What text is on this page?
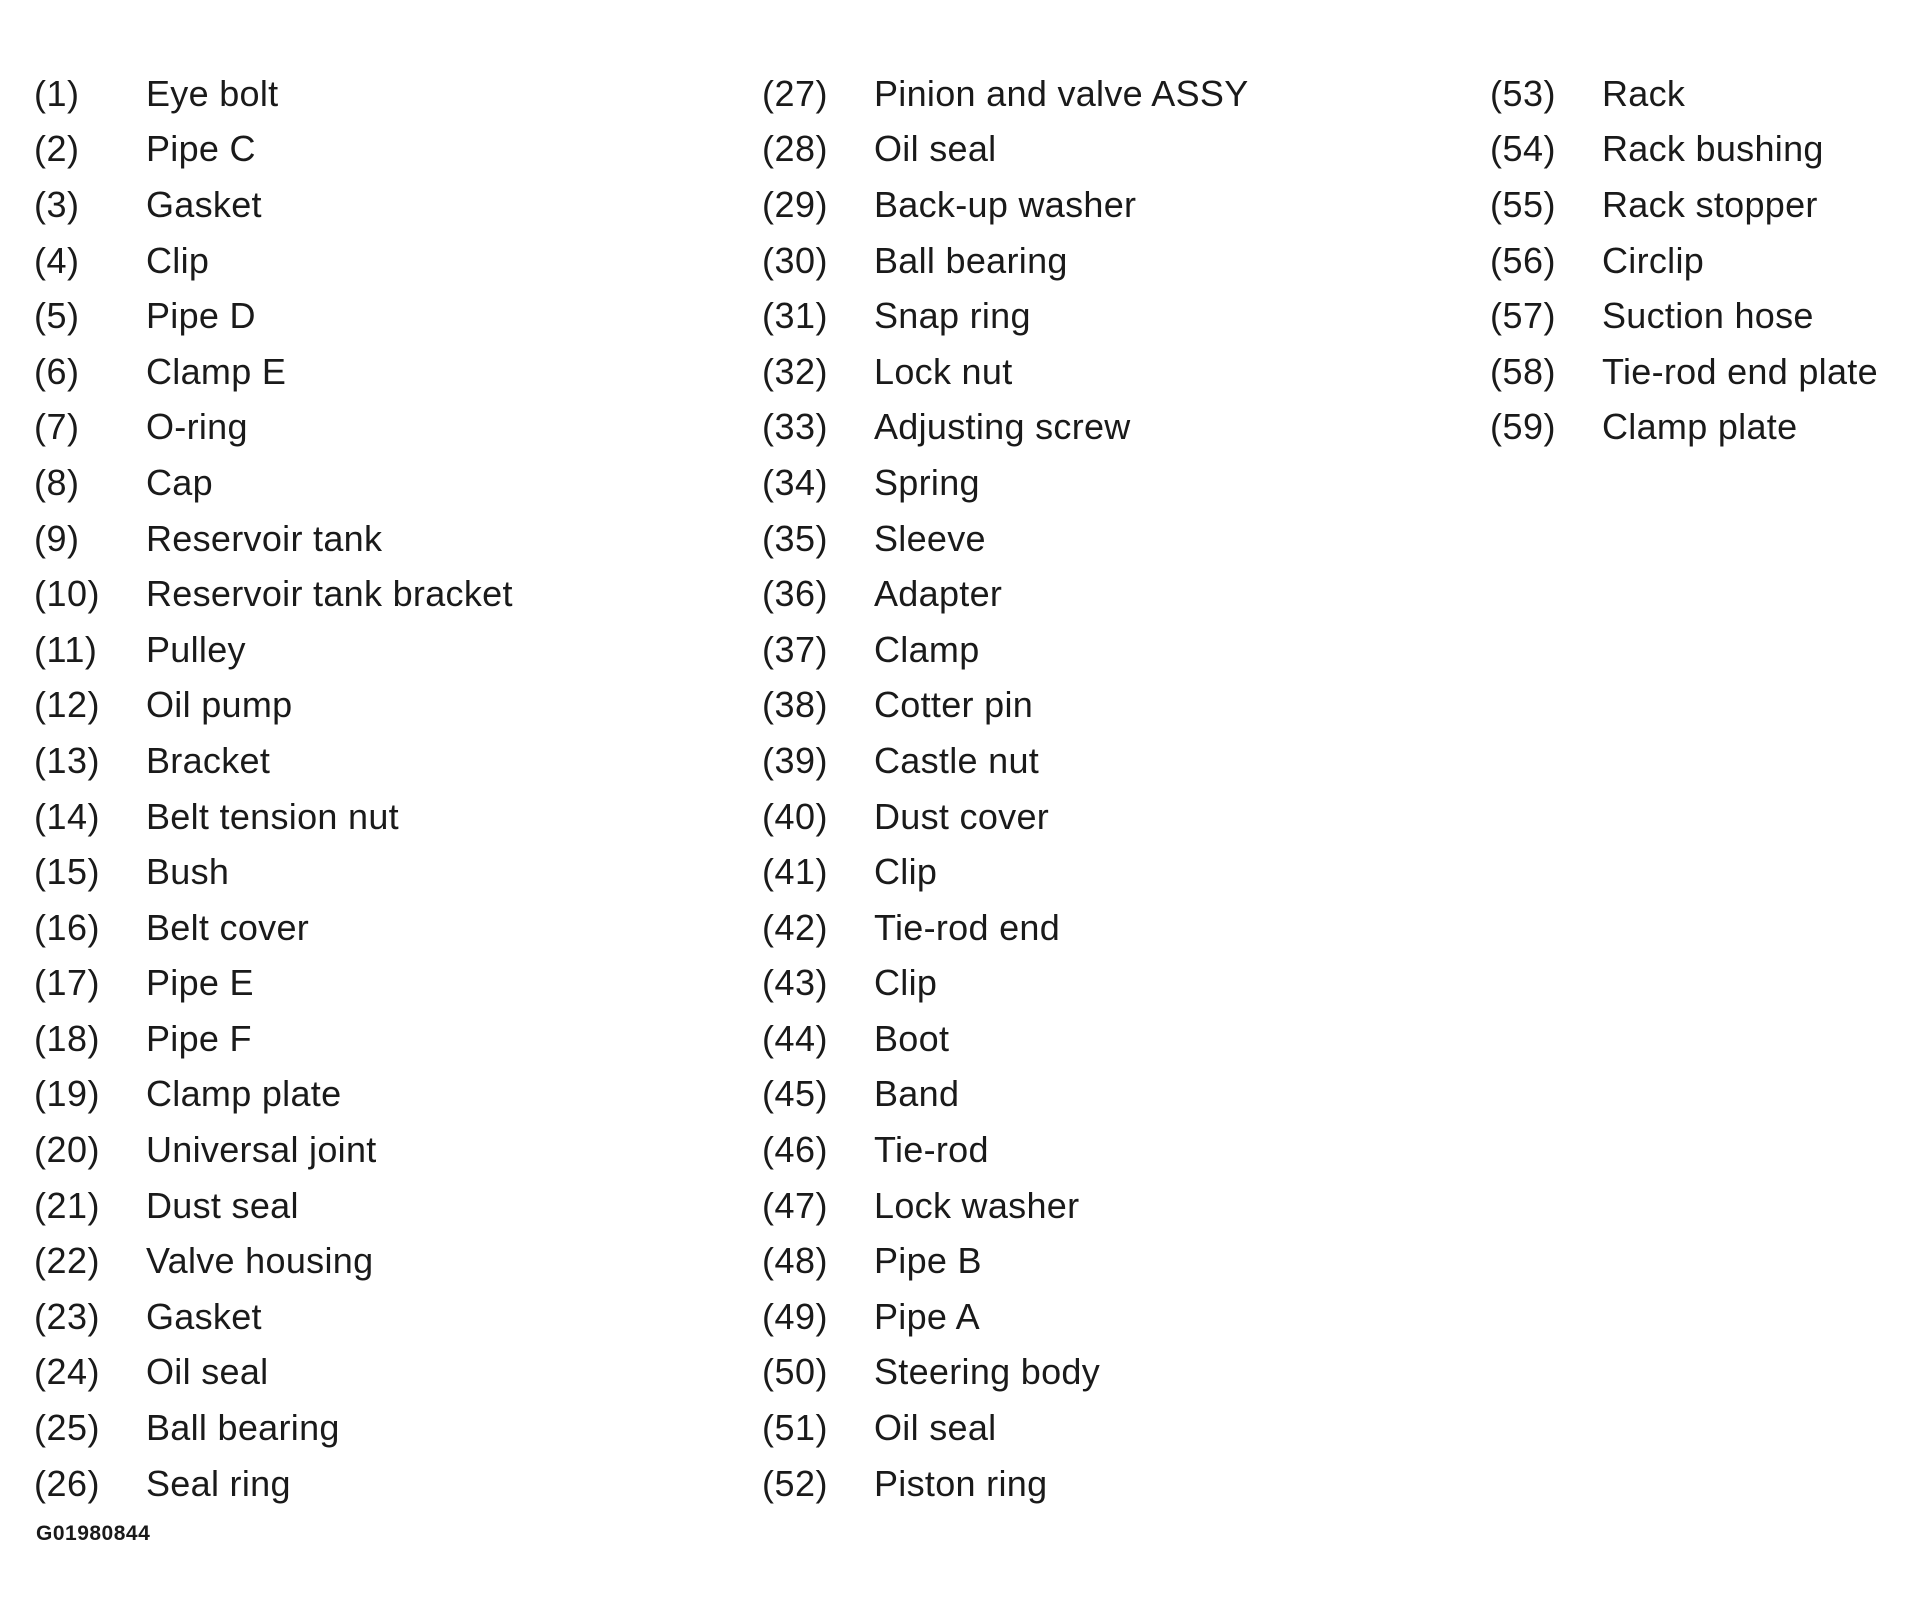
(1)	Eye bolt
(2)	Pipe C
(3)	Gasket
(4)	Clip
(5)	Pipe D
(6)	Clamp E
(7)	O-ring
(8)	Cap
(9)	Reservoir tank
(10)	Reservoir tank bracket
(11)	Pulley
(12)	Oil pump
(13)	Bracket
(14)	Belt tension nut
(15)	Bush
(16)	Belt cover
(17)	Pipe E
(18)	Pipe F
(19)	Clamp plate
(20)	Universal joint
(21)	Dust seal
(22)	Valve housing
(23)	Gasket
(24)	Oil seal
(25)	Ball bearing
(26)	Seal ring
(27)	Pinion and valve ASSY
(28)	Oil seal
(29)	Back-up washer
(30)	Ball bearing
(31)	Snap ring
(32)	Lock nut
(33)	Adjusting screw
(34)	Spring
(35)	Sleeve
(36)	Adapter
(37)	Clamp
(38)	Cotter pin
(39)	Castle nut
(40)	Dust cover
(41)	Clip
(42)	Tie-rod end
(43)	Clip
(44)	Boot
(45)	Band
(46)	Tie-rod
(47)	Lock washer
(48)	Pipe B
(49)	Pipe A
(50)	Steering body
(51)	Oil seal
(52)	Piston ring
(53)	Rack
(54)	Rack bushing
(55)	Rack stopper
(56)	Circlip
(57)	Suction hose
(58)	Tie-rod end plate
(59)	Clamp plate
G01980844
